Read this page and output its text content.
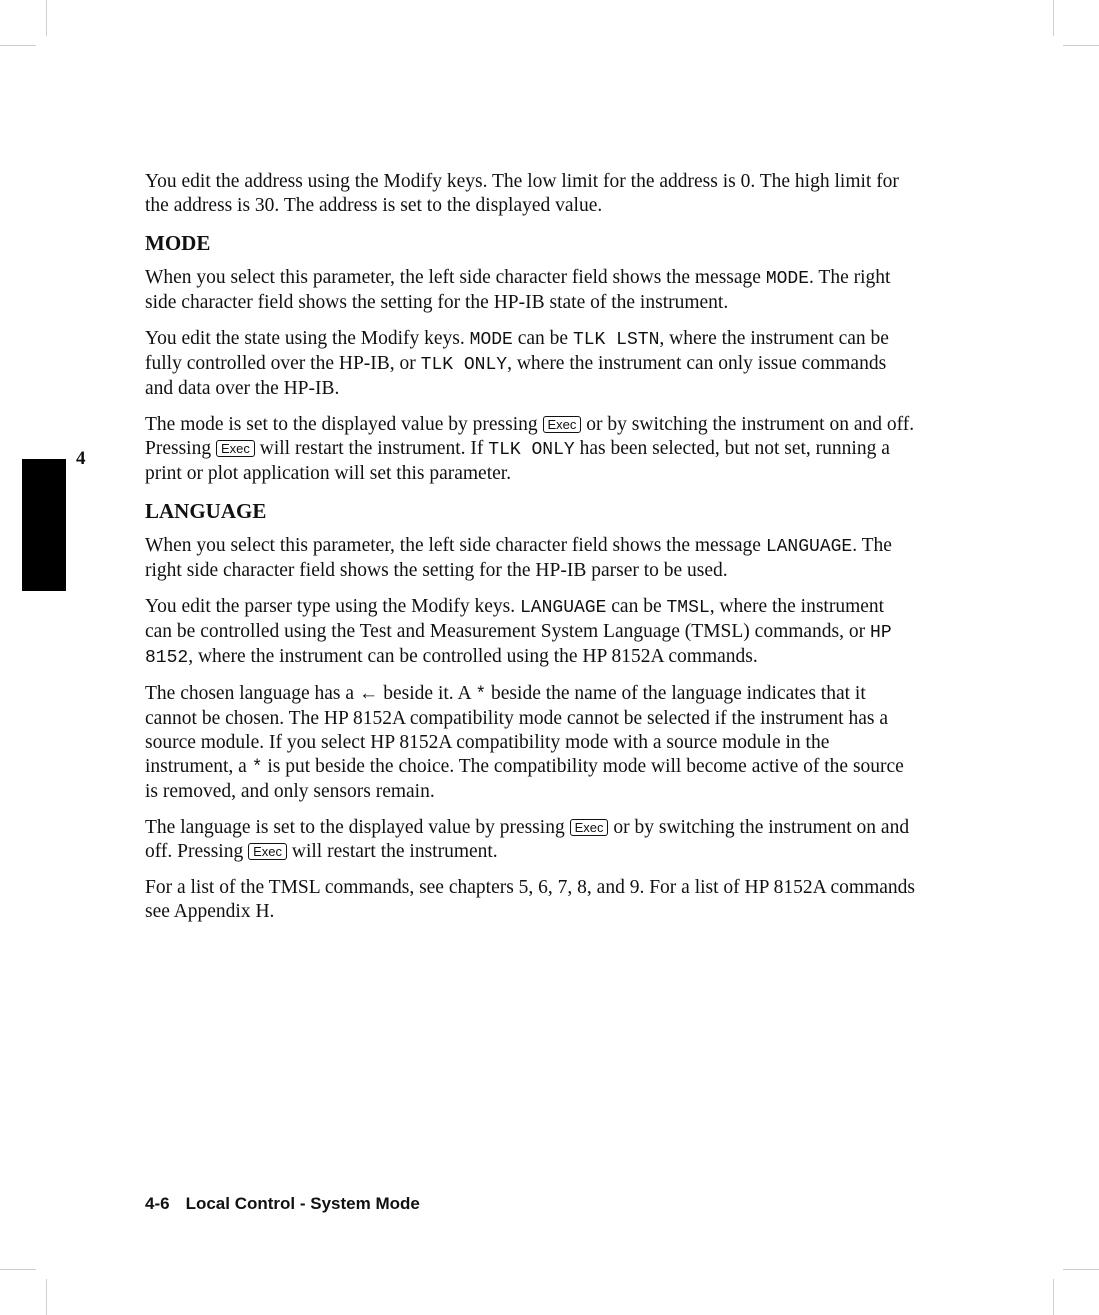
4

You edit the address using the Modify keys. The low limit for the address is 0. The high limit for the address is 30. The address is set to the displayed value.

MODE

When you select this parameter, the left side character field shows the message MODE. The right side character field shows the setting for the HP-IB state of the instrument.

You edit the state using the Modify keys. MODE can be TLK LSTN, where the instrument can be fully controlled over the HP-IB, or TLK ONLY, where the instrument can only issue commands and data over the HP-IB.

The mode is set to the displayed value by pressing Exec or by switching the instrument on and off. Pressing Exec will restart the instrument. If TLK ONLY has been selected, but not set, running a print or plot application will set this parameter.

LANGUAGE

When you select this parameter, the left side character field shows the message LANGUAGE. The right side character field shows the setting for the HP-IB parser to be used.

You edit the parser type using the Modify keys. LANGUAGE can be TMSL, where the instrument can be controlled using the Test and Measurement System Language (TMSL) commands, or HP 8152, where the instrument can be controlled using the HP 8152A commands.

The chosen language has a ← beside it. A * beside the name of the language indicates that it cannot be chosen. The HP 8152A compatibility mode cannot be selected if the instrument has a source module. If you select HP 8152A compatibility mode with a source module in the instrument, a * is put beside the choice. The compatibility mode will become active of the source is removed, and only sensors remain.

The language is set to the displayed value by pressing Exec or by switching the instrument on and off. Pressing Exec will restart the instrument.

For a list of the TMSL commands, see chapters 5, 6, 7, 8, and 9. For a list of HP 8152A commands see Appendix H.

4-6 Local Control - System Mode
